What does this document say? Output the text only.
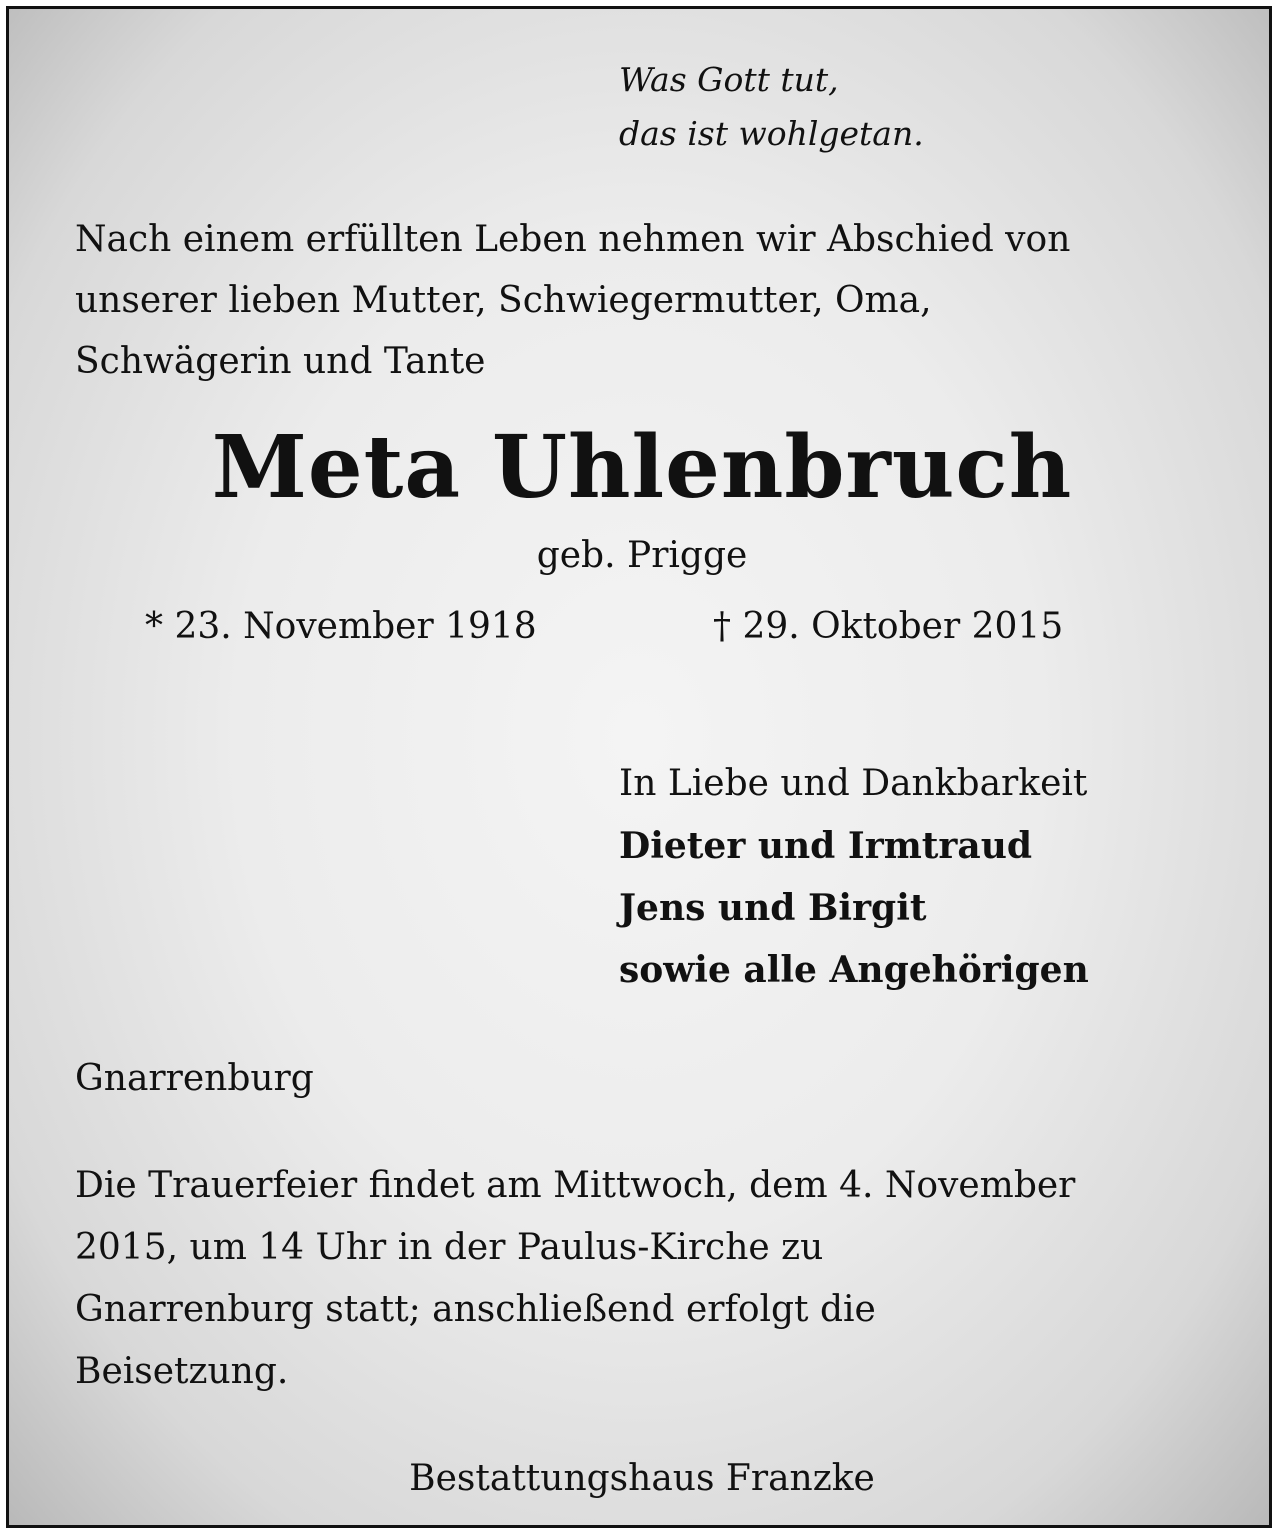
Was Gott tut,
das ist wohlgetan.
Nach einem erfüllten Leben nehmen wir Abschied von
unserer lieben Mutter, Schwiegermutter, Oma,
Schwägerin und Tante
Meta Uhlenbruch
geb. Prigge
* 23. November 1918	† 29. Oktober 2015
In Liebe und Dankbarkeit
Dieter und Irmtraud
Jens und Birgit
sowie alle Angehörigen
Gnarrenburg
Die Trauerfeier findet am Mittwoch, dem 4. November
2015, um 14 Uhr in der Paulus-Kirche zu
Gnarrenburg statt; anschließend erfolgt die
Beisetzung.
Bestattungshaus Franzke
